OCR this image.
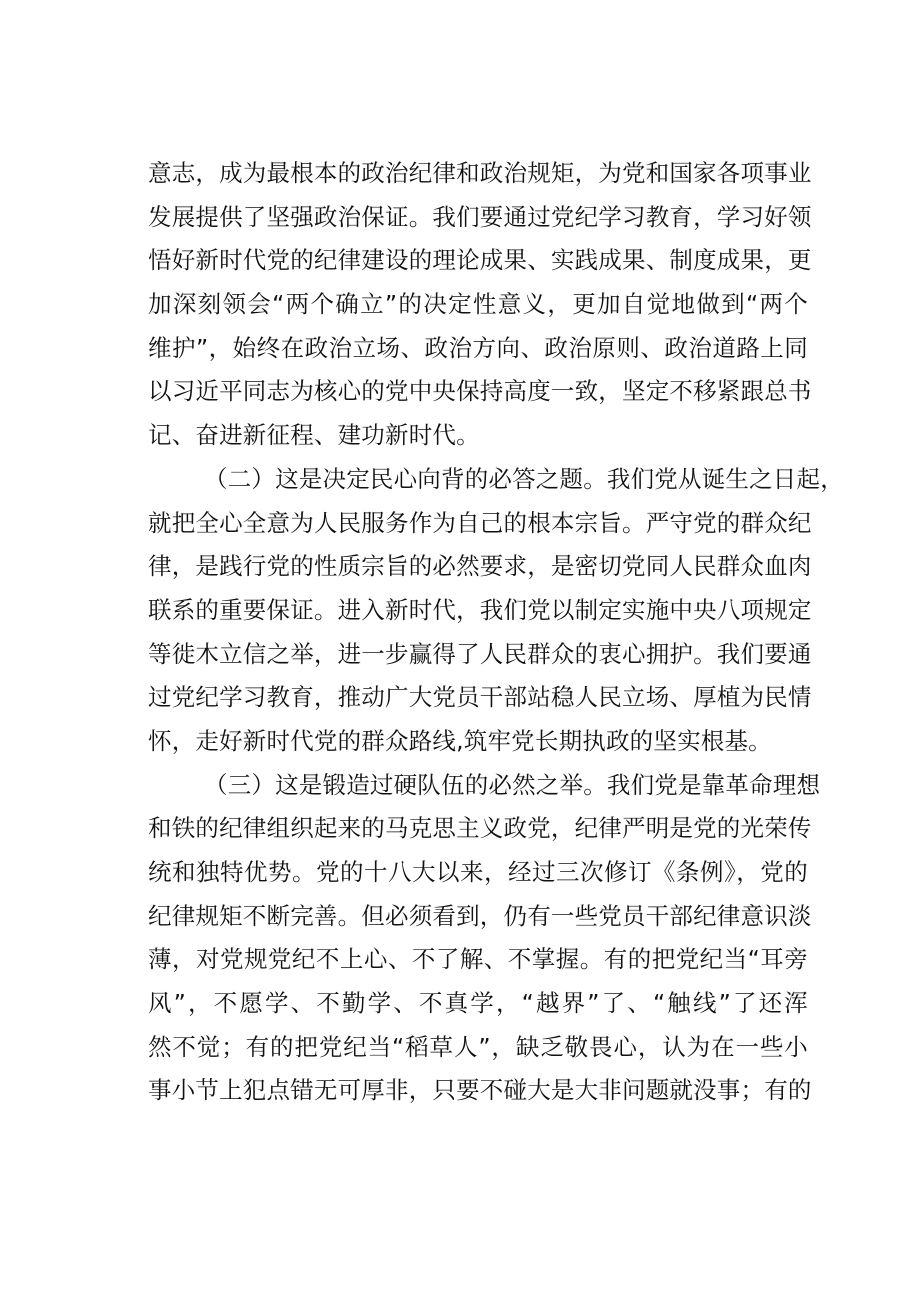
意志，成为最根本的政治纪律和政治规矩，为党和国家各项事业
发展提供了坚强政治保证。我们要通过党纪学习教育，学习好领
悟好新时代党的纪律建设的理论成果、实践成果、制度成果，更
加深刻领会“两个确立”的决定性意义，更加自觉地做到“两个
维护”，始终在政治立场、政治方向、政治原则、政治道路上同
以习近平同志为核心的党中央保持高度一致，坚定不移紧跟总书
记、奋进新征程、建功新时代。
（二）这是决定民心向背的必答之题。我们党从诞生之日起，
就把全心全意为人民服务作为自己的根本宗旨。严守党的群众纪
律，是践行党的性质宗旨的必然要求，是密切党同人民群众血肉
联系的重要保证。进入新时代，我们党以制定实施中央八项规定
等徙木立信之举，进一步赢得了人民群众的衷心拥护。我们要通
过党纪学习教育，推动广大党员干部站稳人民立场、厚植为民情
怀，走好新时代党的群众路线,筑牢党长期执政的坚实根基。
（三）这是锻造过硬队伍的必然之举。我们党是靠革命理想
和铁的纪律组织起来的马克思主义政党，纪律严明是党的光荣传
统和独特优势。党的十八大以来，经过三次修订《条例》，党的
纪律规矩不断完善。但必须看到，仍有一些党员干部纪律意识淡
薄，对党规党纪不上心、不了解、不掌握。有的把党纪当“耳旁
风”，不愿学、不勤学、不真学，“越界”了、“触线”了还浑
然不觉；有的把党纪当“稻草人”，缺乏敬畏心，认为在一些小
事小节上犯点错无可厚非，只要不碰大是大非问题就没事；有的
